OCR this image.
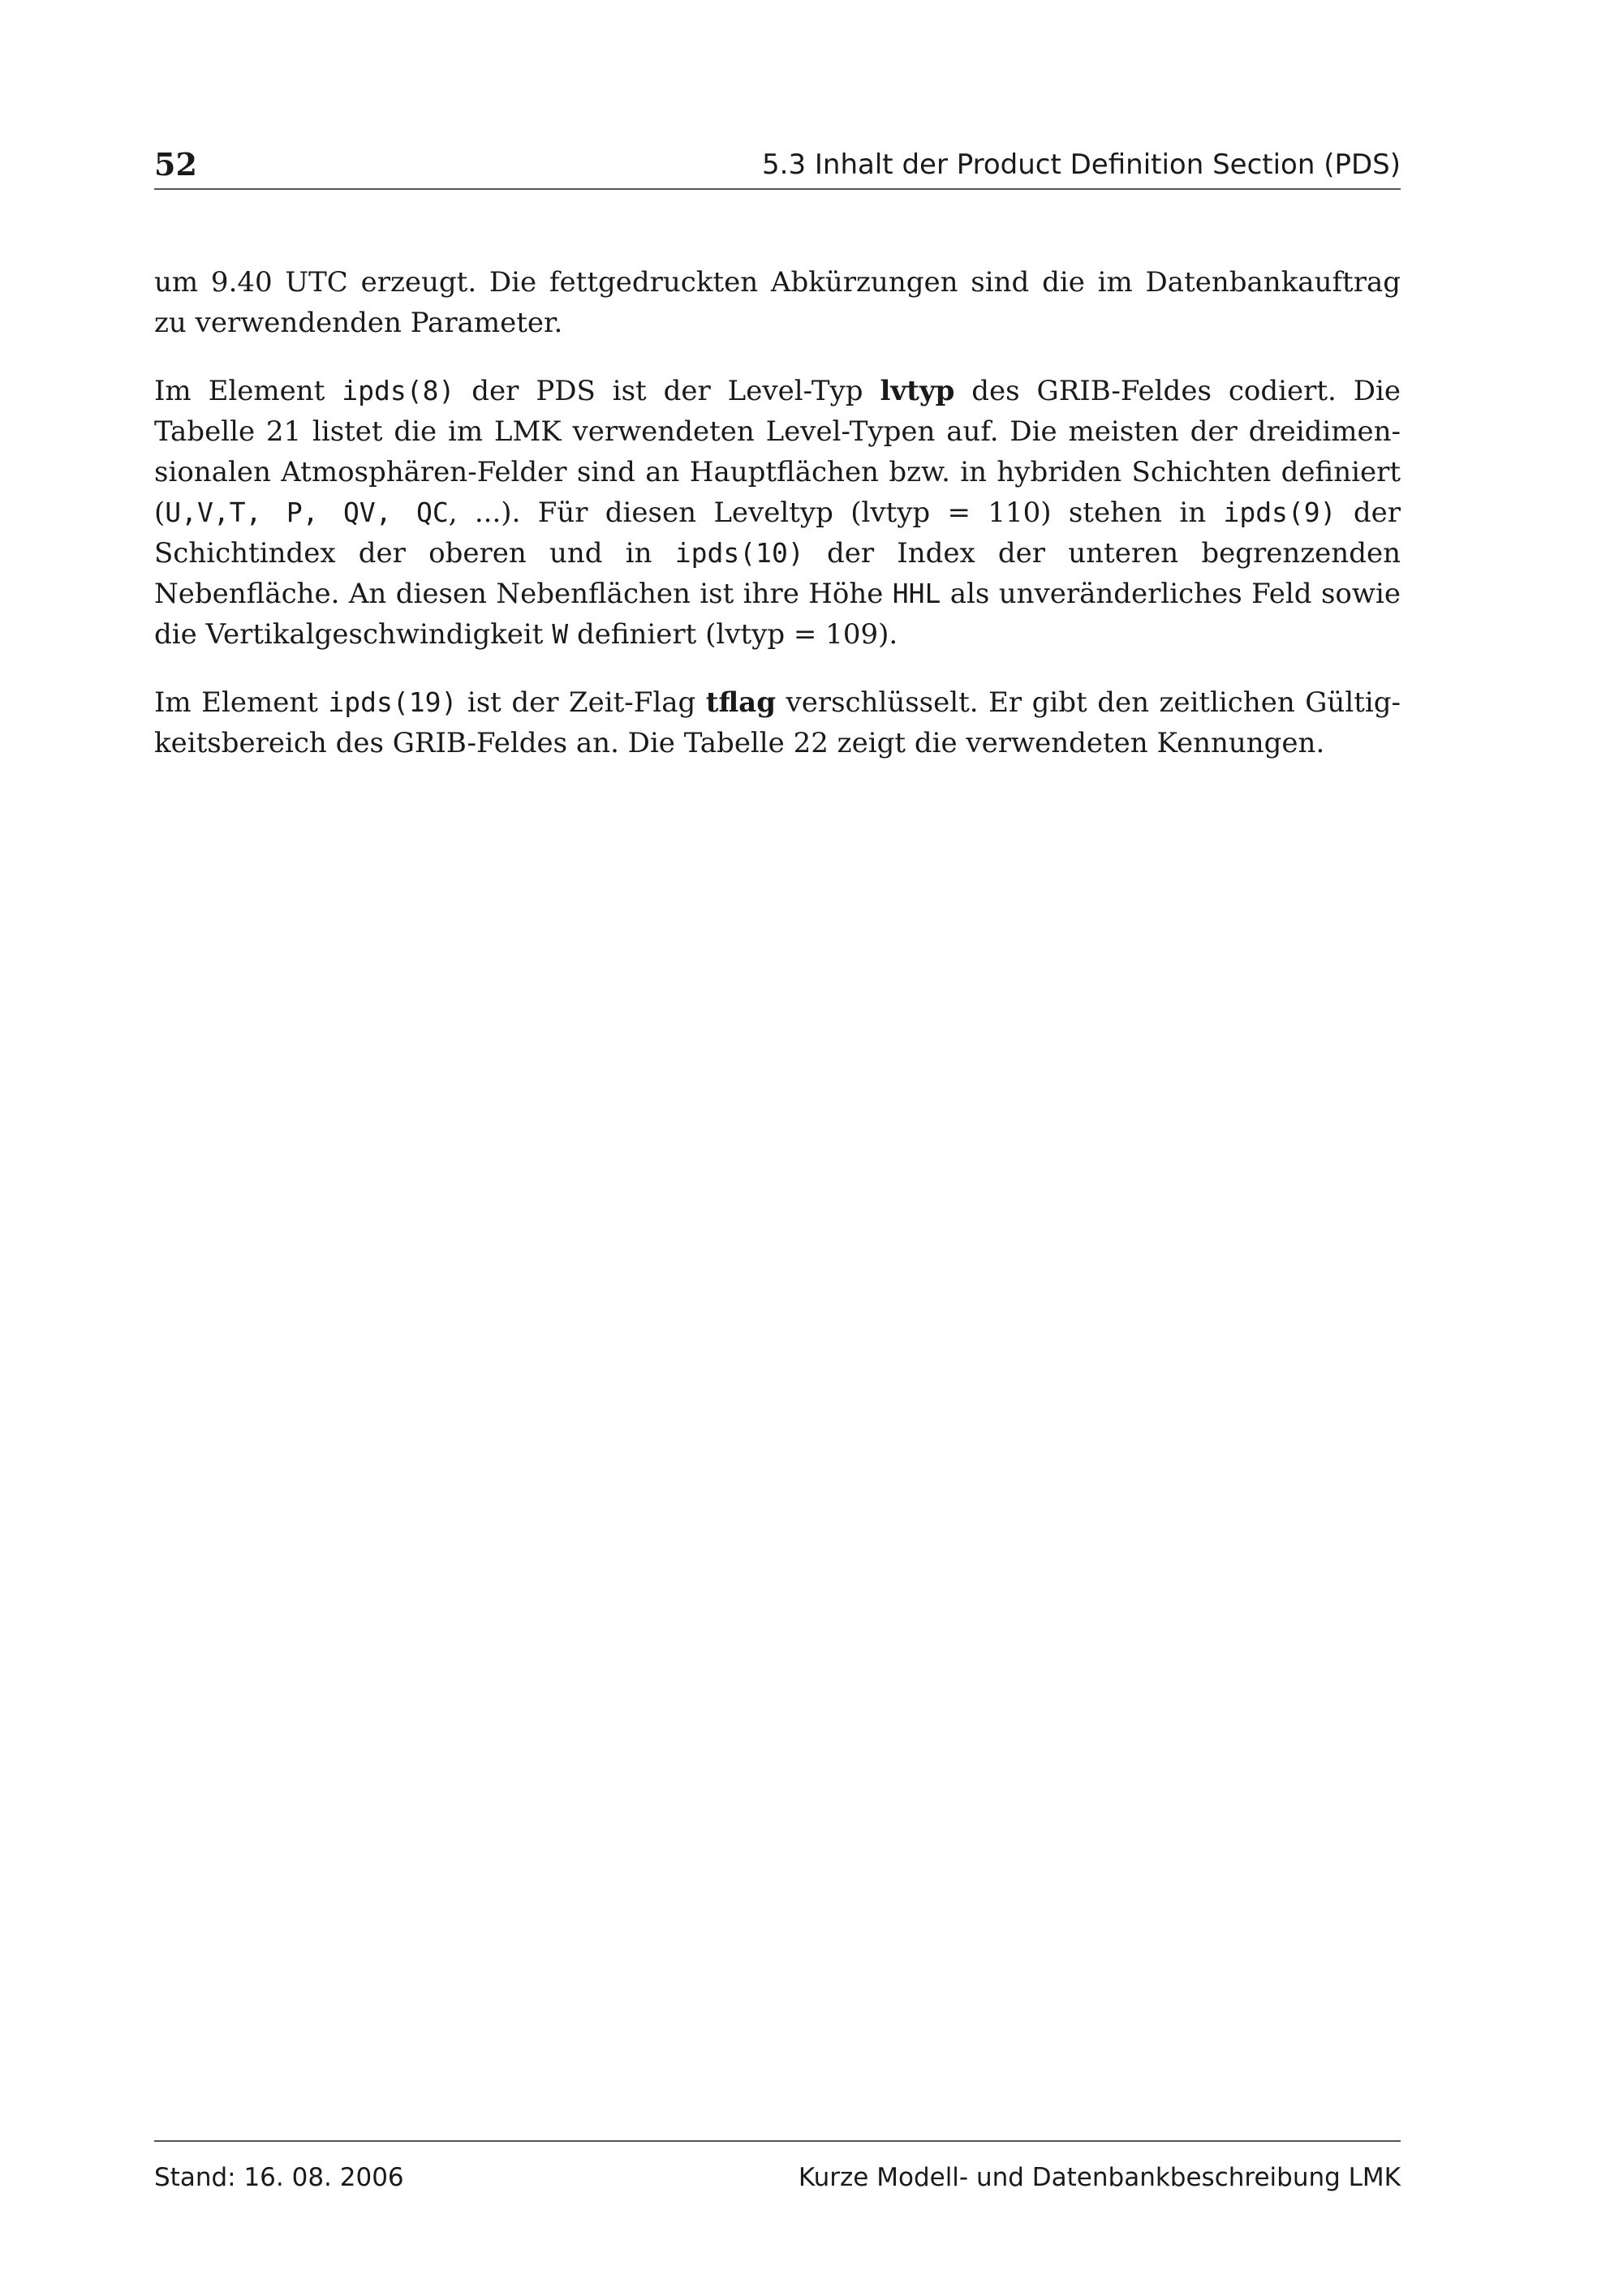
52	5.3 Inhalt der Product Definition Section (PDS)

um 9.40 UTC erzeugt. Die fettgedruckten Abkürzungen sind die im Datenbankauftrag zu verwendenden Parameter.

Im Element ipds(8) der PDS ist der Level-Typ lvtyp des GRIB-Feldes codiert. Die Tabelle 21 listet die im LMK verwendeten Level-Typen auf. Die meisten der dreidimensionalen Atmosphären-Felder sind an Hauptflächen bzw. in hybriden Schichten definiert (U,V,T, P, QV, QC, ...). Für diesen Leveltyp (lvtyp = 110) stehen in ipds(9) der Schichtindex der oberen und in ipds(10) der Index der unteren begrenzenden Nebenfläche. An diesen Nebenflächen ist ihre Höhe HHL als unveränderliches Feld sowie die Vertikalgeschwindigkeit W definiert (lvtyp = 109).

Im Element ipds(19) ist der Zeit-Flag tflag verschlüsselt. Er gibt den zeitlichen Gültigkeitsbereich des GRIB-Feldes an. Die Tabelle 22 zeigt die verwendeten Kennungen.

Stand: 16. 08. 2006	Kurze Modell- und Datenbankbeschreibung LMK
